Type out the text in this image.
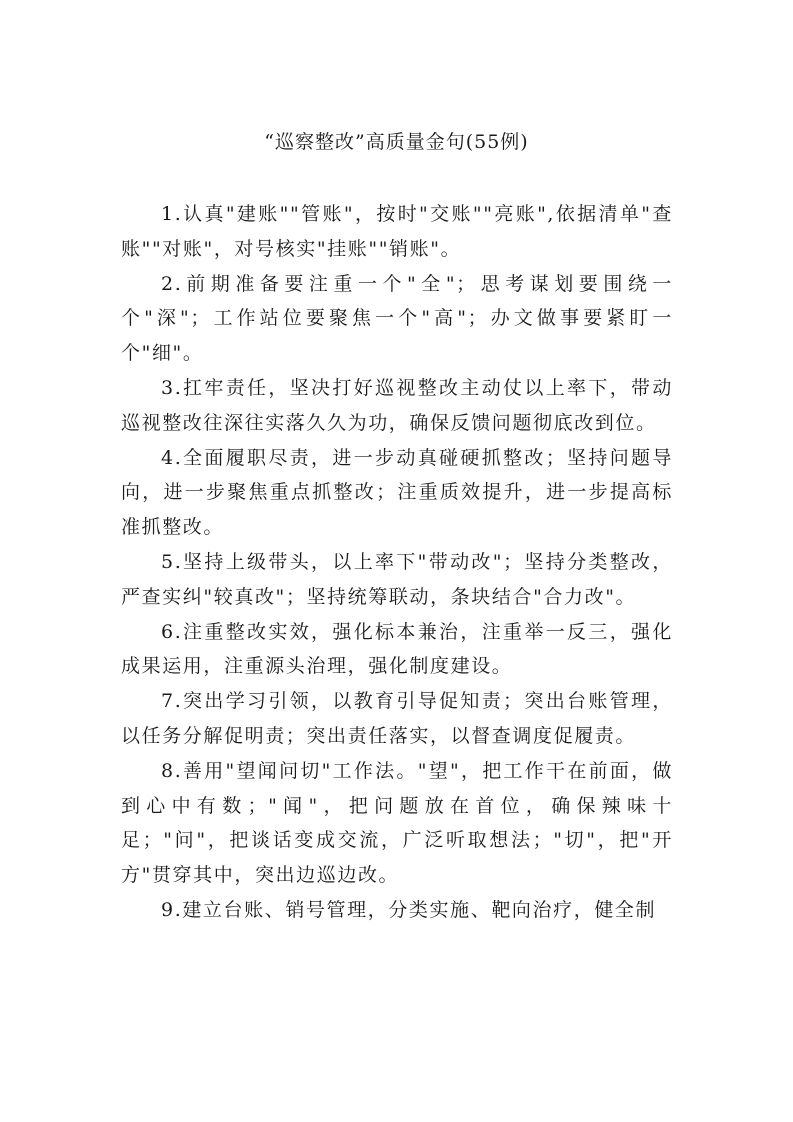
“巡察整改”高质量金句(55例)

1.认真"建账""管账"，按时"交账""亮账",依据清单"查账""对账"，对号核实"挂账""销账"。

2.前期准备要注重一个"全"；思考谋划要围绕一个"深"；工作站位要聚焦一个"高"；办文做事要紧盯一个"细"。

3.扛牢责任，坚决打好巡视整改主动仗以上率下，带动巡视整改往深往实落久久为功，确保反馈问题彻底改到位。

4.全面履职尽责，进一步动真碰硬抓整改；坚持问题导向，进一步聚焦重点抓整改；注重质效提升，进一步提高标准抓整改。

5.坚持上级带头，以上率下"带动改"；坚持分类整改，严查实纠"较真改"；坚持统筹联动，条块结合"合力改"。

6.注重整改实效，强化标本兼治，注重举一反三，强化成果运用，注重源头治理，强化制度建设。

7.突出学习引领，以教育引导促知责；突出台账管理，以任务分解促明责；突出责任落实，以督查调度促履责。

8.善用"望闻问切"工作法。"望"，把工作干在前面，做到心中有数；"闻"，把问题放在首位，确保辣味十足；"问"，把谈话变成交流，广泛听取想法；"切"，把"开方"贯穿其中，突出边巡边改。

9.建立台账、销号管理，分类实施、靶向治疗，健全制
